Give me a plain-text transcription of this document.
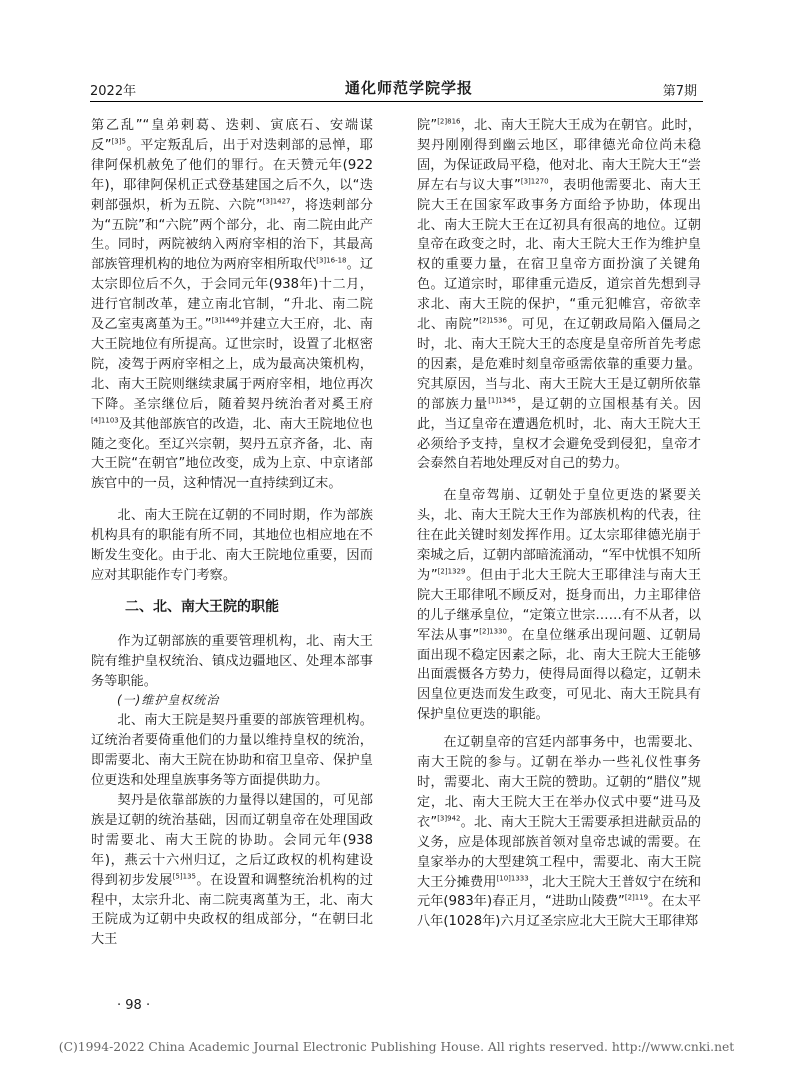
2022年	通化师范学院学报	第7期

第乙乱”“皇弟剌葛、迭剌、寅底石、安端谋反”$^{[3]5}$。平定叛乱后，出于对迭剌部的忌惮，耶律阿保机赦免了他们的罪行。在天赞元年(922年)，耶律阿保机正式登基建国之后不久，以“迭剌部强炽，析为五院、六院”$^{[3]1427}$，将迭剌部分为“五院”和“六院”两个部分，北、南二院由此产生。同时，两院被纳入两府宰相的治下，其最高部族管理机构的地位为两府宰相所取代$^{[3]16-18}$。辽太宗即位后不久，于会同元年(938年)十二月，进行官制改革，建立南北官制，“升北、南二院及乙室夷离堇为王。”$^{[3]1449}$并建立大王府，北、南大王院地位有所提高。辽世宗时，设置了北枢密院，凌驾于两府宰相之上，成为最高决策机构，北、南大王院则继续隶属于两府宰相，地位再次下降。圣宗继位后，随着契丹统治者对奚王府$^{[4]1103}$及其他部族官的改造，北、南大王院地位也随之变化。至辽兴宗朝，契丹五京齐备，北、南大王院“在朝官”地位改变，成为上京、中京诸部族官中的一员，这种情况一直持续到辽末。

北、南大王院在辽朝的不同时期，作为部族机构具有的职能有所不同，其地位也相应地在不断发生变化。由于北、南大王院地位重要，因而应对其职能作专门考察。

二、北、南大王院的职能

作为辽朝部族的重要管理机构，北、南大王院有维护皇权统治、镇戍边疆地区、处理本部事务等职能。

(一)维护皇权统治

北、南大王院是契丹重要的部族管理机构。辽统治者要倚重他们的力量以维持皇权的统治，即需要北、南大王院在协助和宿卫皇帝、保护皇位更迭和处理皇族事务等方面提供助力。

契丹是依靠部族的力量得以建国的，可见部族是辽朝的统治基础，因而辽朝皇帝在处理国政时需要北、南大王院的协助。会同元年(938年)，燕云十六州归辽，之后辽政权的机构建设得到初步发展$^{[5]135}$。在设置和调整统治机构的过程中，太宗升北、南二院夷离堇为王，北、南大王院成为辽朝中央政权的组成部分，“在朝曰北大王

院”$^{[2]816}$，北、南大王院大王成为在朝官。此时，契丹刚刚得到幽云地区，耶律德光命位尚未稳固，为保证政局平稳，他对北、南大王院大王“尝屏左右与议大事”$^{[3]1270}$，表明他需要北、南大王院大王在国家军政事务方面给予协助，体现出北、南大王院大王在辽初具有很高的地位。辽朝皇帝在政变之时，北、南大王院大王作为维护皇权的重要力量，在宿卫皇帝方面扮演了关键角色。辽道宗时，耶律重元造反，道宗首先想到寻求北、南大王院的保护，“重元犯帷宫，帝欲幸北、南院”$^{[2]1536}$。可见，在辽朝政局陷入僵局之时，北、南大王院大王的态度是皇帝所首先考虑的因素，是危难时刻皇帝亟需依靠的重要力量。究其原因，当与北、南大王院大王是辽朝所依靠的部族力量$^{[1]1345}$，是辽朝的立国根基有关。因此，当辽皇帝在遭遇危机时，北、南大王院大王必须给予支持，皇权才会避免受到侵犯，皇帝才会泰然自若地处理反对自己的势力。

在皇帝驾崩、辽朝处于皇位更迭的紧要关头，北、南大王院大王作为部族机构的代表，往往在此关键时刻发挥作用。辽太宗耶律德光崩于栾城之后，辽朝内部暗流涌动，“军中忧惧不知所为”$^{[2]1329}$。但由于北大王院大王耶律洼与南大王院大王耶律吼不顾反对，挺身而出，力主耶律倍的儿子继承皇位，“定策立世宗……有不从者，以军法从事”$^{[2]1330}$。在皇位继承出现问题、辽朝局面出现不稳定因素之际，北、南大王院大王能够出面震慑各方势力，使得局面得以稳定，辽朝未因皇位更迭而发生政变，可见北、南大王院具有保护皇位更迭的职能。

在辽朝皇帝的宫廷内部事务中，也需要北、南大王院的参与。辽朝在举办一些礼仪性事务时，需要北、南大王院的赞助。辽朝的“腊仪”规定，北、南大王院大王在举办仪式中要“进马及衣”$^{[3]942}$。北、南大王院大王需要承担进献贡品的义务，应是体现部族首领对皇帝忠诚的需要。在皇家举办的大型建筑工程中，需要北、南大王院大王分摊费用$^{[10]1333}$，北大王院大王普奴宁在统和元年(983年)春正月，“进助山陵费”$^{[2]119}$。在太平八年(1028年)六月辽圣宗应北大王院大王耶律郑

· 98 ·
(C)1994-2022 China Academic Journal Electronic Publishing House. All rights reserved. http://www.cnki.net
